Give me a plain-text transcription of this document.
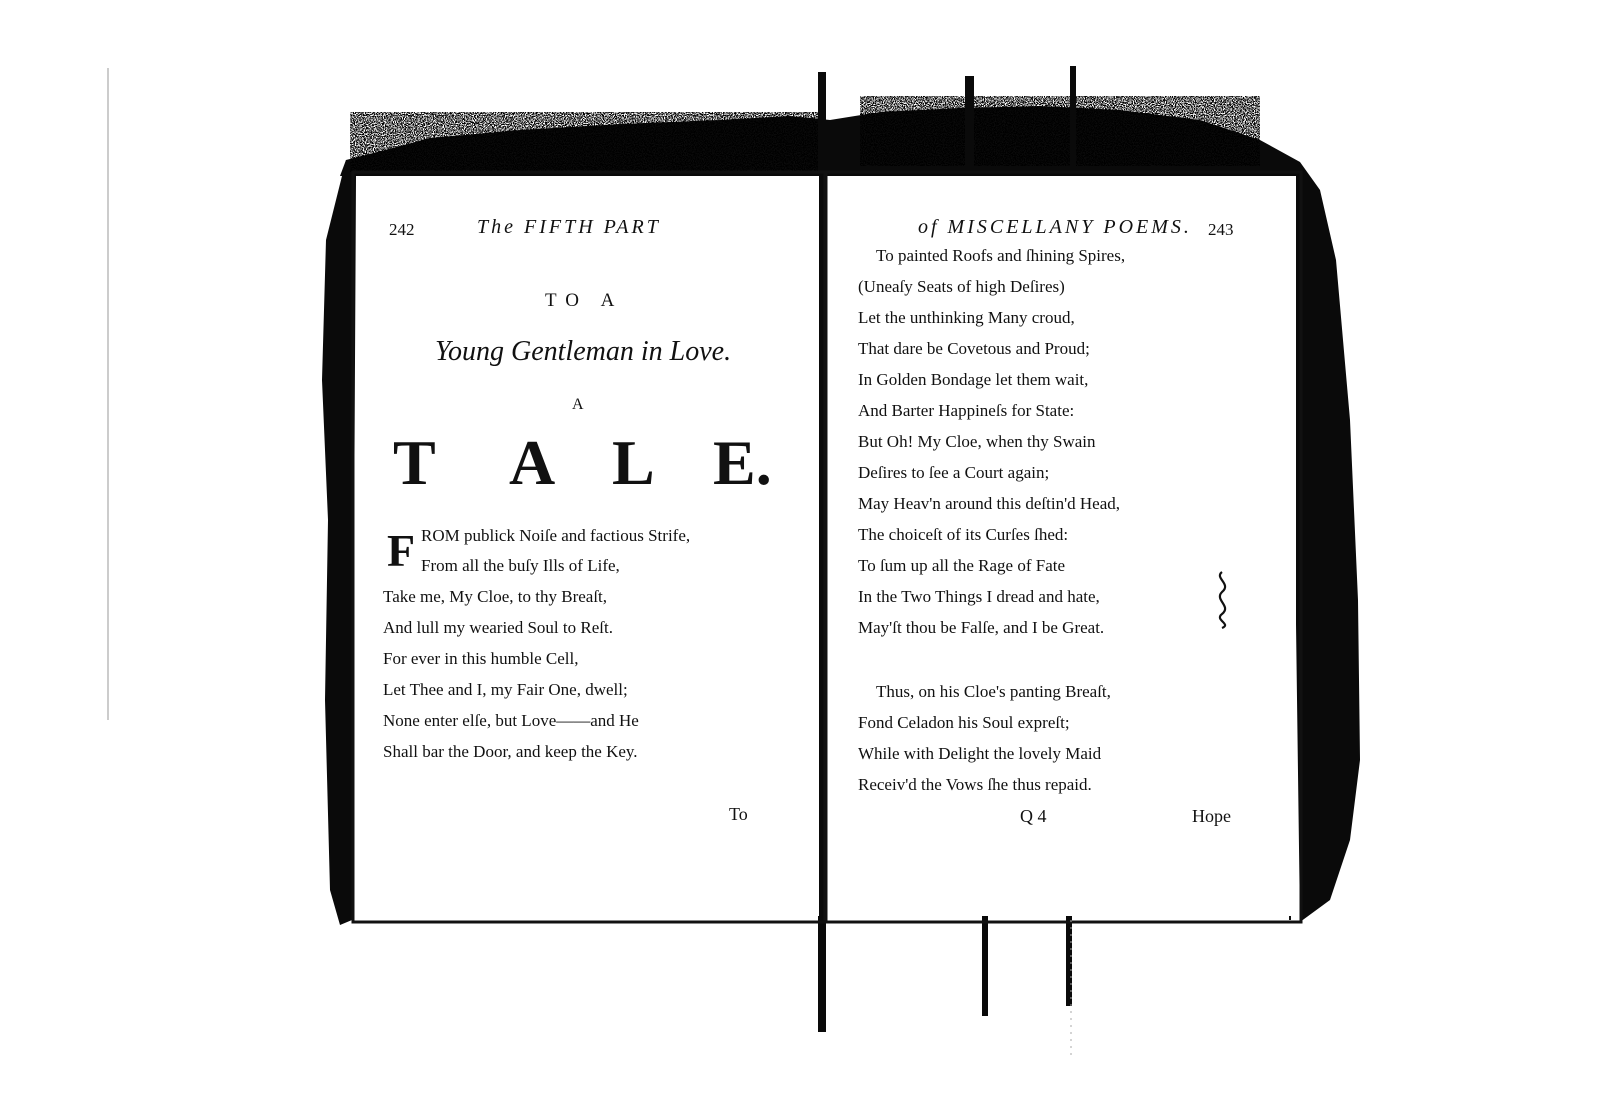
242	The FIFTH PART
TO A
Young Gentleman in Love.
A
T A L E.
F ROM publick Noiſe and factious Strife,
From all the buſy Ills of Life,
Take me, My Cloe, to thy Breaſt,
And lull my wearied Soul to Reſt.
For ever in this humble Cell,
Let Thee and I, my Fair One, dwell;
None enter elſe, but Love——and He
Shall bar the Door, and keep the Key.
To
of MISCELLANY POEMS. 243
To painted Roofs and ſhining Spires,
(Uneaſy Seats of high Deſires)
Let the unthinking Many croud,
That dare be Covetous and Proud;
In Golden Bondage let them wait,
And Barter Happineſs for State:
But Oh! My Cloe, when thy Swain
Deſires to ſee a Court again;
May Heav'n around this deſtin'd Head,
The choiceſt of its Curſes ſhed:
To ſum up all the Rage of Fate
In the Two Things I dread and hate,
May'ſt thou be Falſe, and I be Great.
Thus, on his Cloe's panting Breaſt,
Fond Celadon his Soul expreſt;
While with Delight the lovely Maid
Receiv'd the Vows ſhe thus repaid.
Q 4	Hope
